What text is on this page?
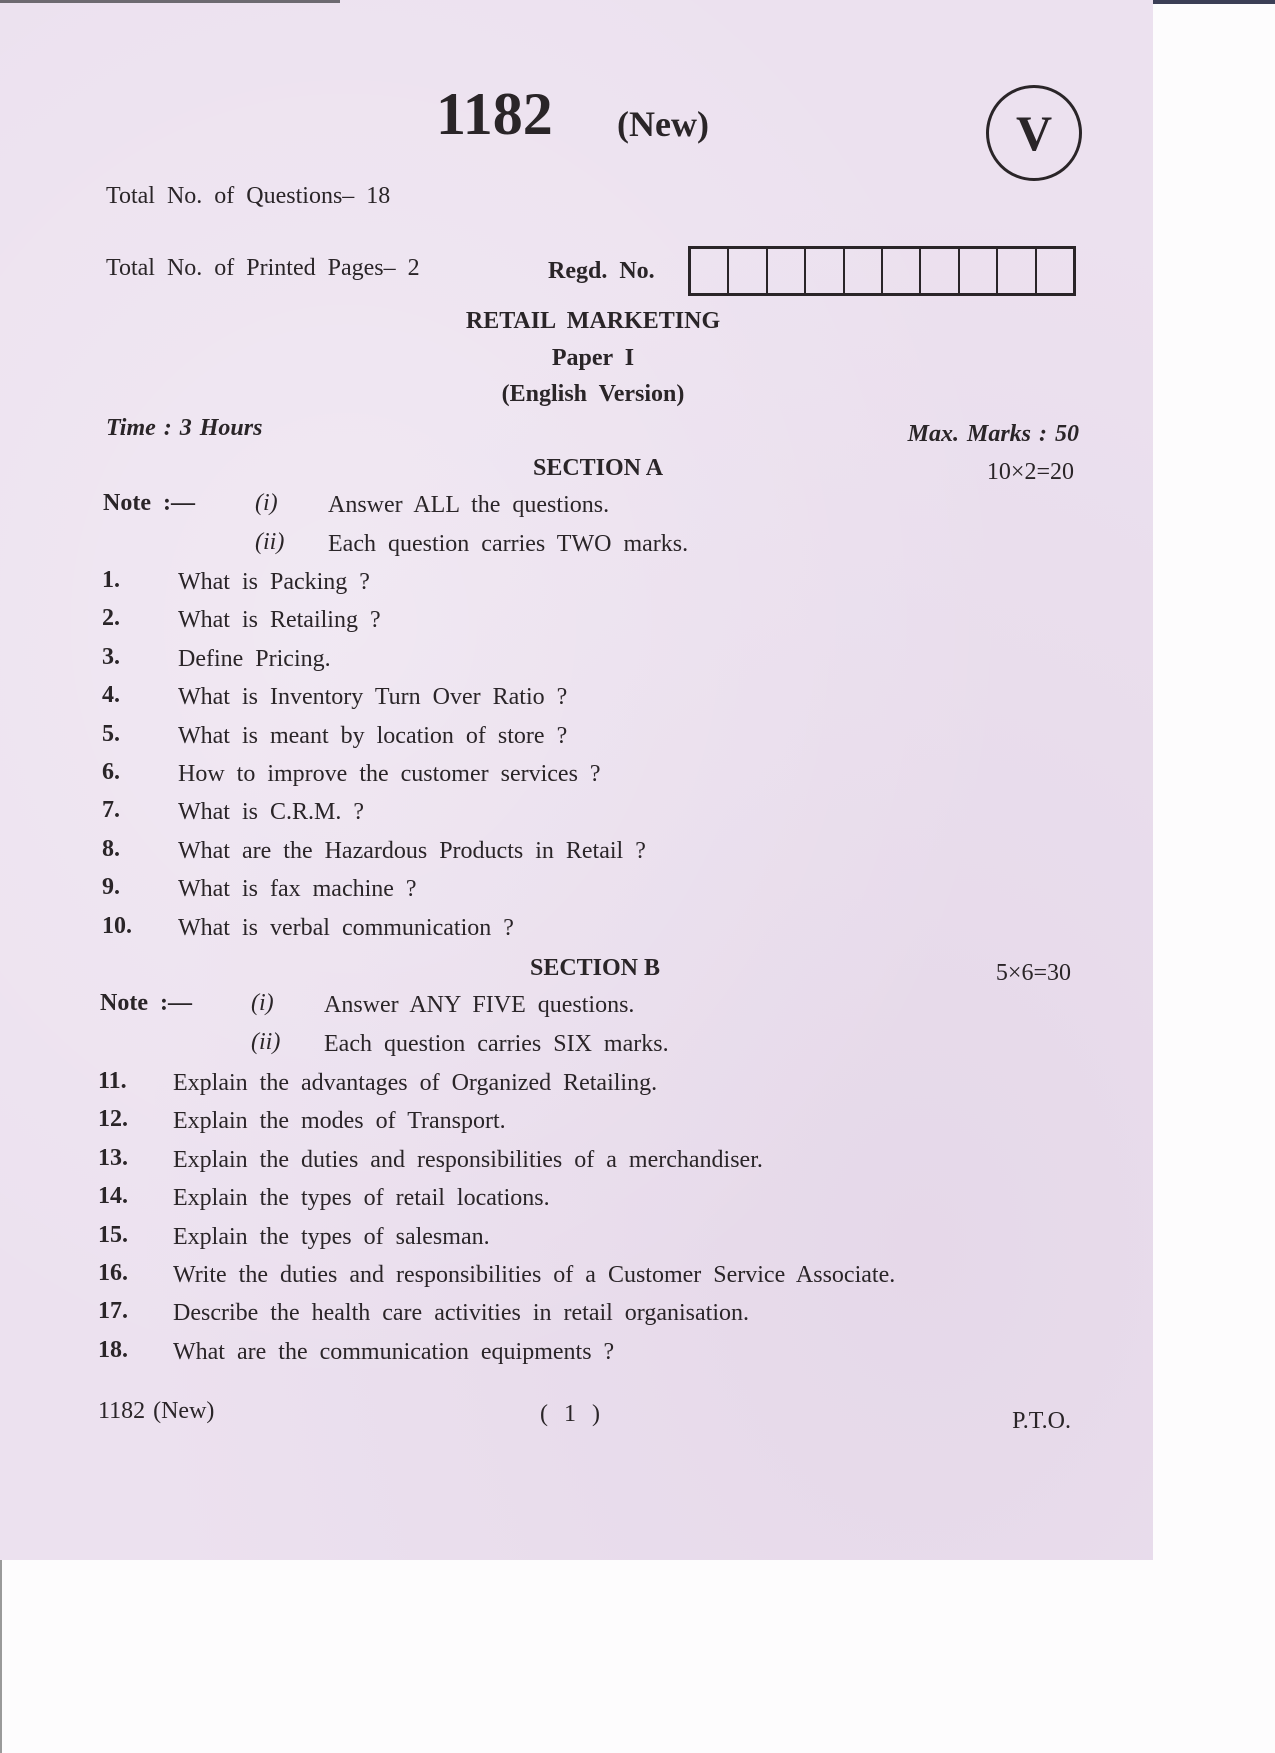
1182 (New)	V
Total No. of Questions– 18
Total No. of Printed Pages– 2	Regd. No.
RETAIL MARKETING
Paper I
(English Version)
Time : 3 Hours	Max. Marks : 50
SECTION A	10×2=20
Note :—	(i) Answer ALL the questions.
(ii) Each question carries TWO marks.
1. What is Packing ?
2. What is Retailing ?
3. Define Pricing.
4. What is Inventory Turn Over Ratio ?
5. What is meant by location of store ?
6. How to improve the customer services ?
7. What is C.R.M. ?
8. What are the Hazardous Products in Retail ?
9. What is fax machine ?
10. What is verbal communication ?
SECTION B	5×6=30
Note :— (i) Answer ANY FIVE questions.
(ii) Each question carries SIX marks.
11. Explain the advantages of Organized Retailing.
12. Explain the modes of Transport.
13. Explain the duties and responsibilities of a merchandiser.
14. Explain the types of retail locations.
15. Explain the types of salesman.
16. Write the duties and responsibilities of a Customer Service Associate.
17. Describe the health care activities in retail organisation.
18. What are the communication equipments ?
1182 (New)	( 1 )	P.T.O.
